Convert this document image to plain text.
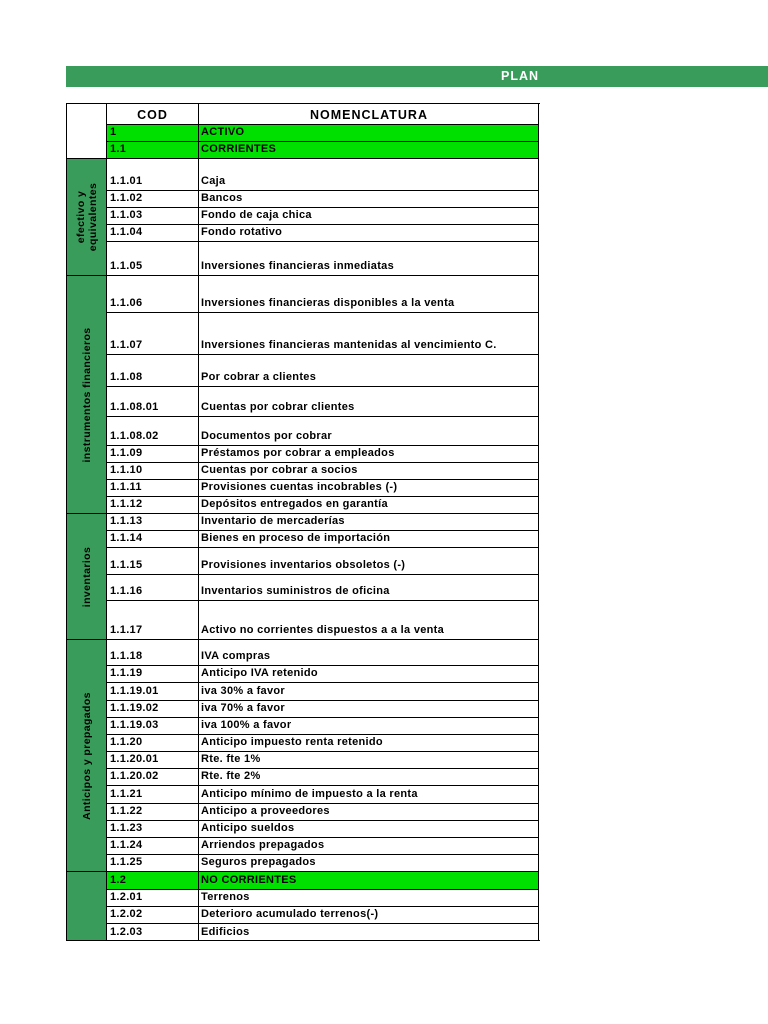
PLAN
efectivo y
equivalentes
instrumentos financieros
inventarios
Anticipos y prepagados
COD	NOMENCLATURA
1	ACTIVO
1.1	CORRIENTES
1.1.01	Caja
1.1.02	Bancos
1.1.03	Fondo de caja chica
1.1.04	Fondo rotativo
1.1.05	Inversiones financieras inmediatas
1.1.06	Inversiones financieras disponibles a la venta
1.1.07	Inversiones financieras mantenidas al vencimiento C.
1.1.08	Por cobrar a clientes
1.1.08.01	Cuentas por cobrar clientes
1.1.08.02	Documentos por cobrar
1.1.09	Préstamos por cobrar a empleados
1.1.10	Cuentas por cobrar a socios
1.1.11	Provisiones cuentas incobrables (-)
1.1.12	Depósitos entregados en garantía
1.1.13	Inventario de mercaderías
1.1.14	Bienes en proceso de importación
1.1.15	Provisiones inventarios obsoletos (-)
1.1.16	Inventarios suministros de oficina
1.1.17	Activo no corrientes dispuestos a a la venta
1.1.18	IVA compras
1.1.19	Anticipo IVA retenido
1.1.19.01	iva 30% a favor
1.1.19.02	iva 70% a favor
1.1.19.03	iva 100% a favor
1.1.20	Anticipo impuesto renta retenido
1.1.20.01	Rte. fte 1%
1.1.20.02	Rte. fte 2%
1.1.21	Anticipo mínimo de impuesto a la renta
1.1.22	Anticipo a proveedores
1.1.23	Anticipo sueldos
1.1.24	Arriendos prepagados
1.1.25	Seguros prepagados
1.2	NO CORRIENTES
1.2.01	Terrenos
1.2.02	Deterioro acumulado terrenos(-)
1.2.03	Edificios
